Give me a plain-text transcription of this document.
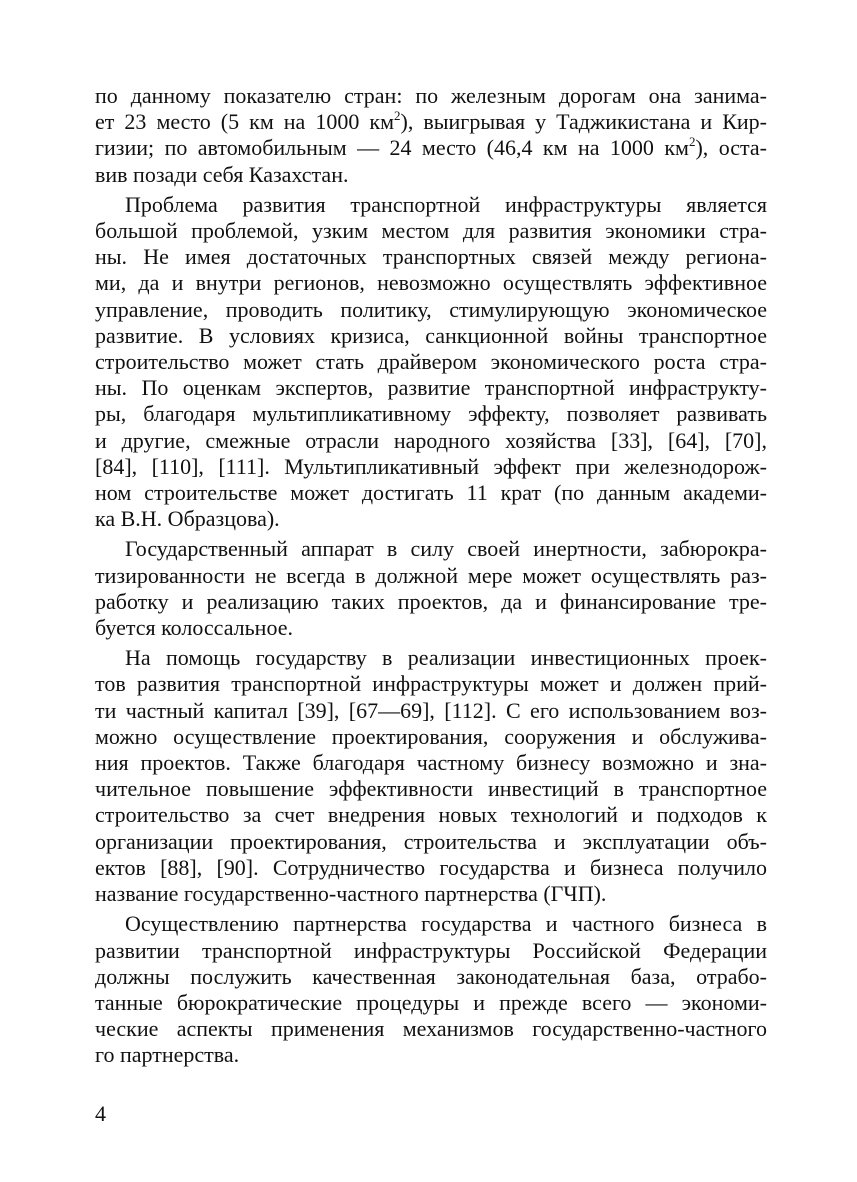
по данному показателю стран: по железным дорогам она занима-
ет 23 место (5 км на 1000 $км^2$), выигрывая у Таджикистана и Кир-
гизии; по автомобильным — 24 место (46,4 км на 1000 $км^2$), оста-
вив позади себя Казахстан.
Проблема развития транспортной инфраструктуры является
большой проблемой, узким местом для развития экономики стра-
ны. Не имея достаточных транспортных связей между региона-
ми, да и внутри регионов, невозможно осуществлять эффективное
управление, проводить политику, стимулирующую экономическое
развитие. В условиях кризиса, санкционной войны транспортное
строительство может стать драйвером экономического роста стра-
ны. По оценкам экспертов, развитие транспортной инфраструкту-
ры, благодаря мультипликативному эффекту, позволяет развивать
и другие, смежные отрасли народного хозяйства [33], [64], [70],
[84], [110], [111]. Мультипликативный эффект при железнодорож-
ном строительстве может достигать 11 крат (по данным академи-
ка В.Н. Образцова).
Государственный аппарат в силу своей инертности, забюрокра-
тизированности не всегда в должной мере может осуществлять раз-
работку и реализацию таких проектов, да и финансирование тре-
буется колоссальное.
На помощь государству в реализации инвестиционных проек-
тов развития транспортной инфраструктуры может и должен прий-
ти частный капитал [39], [67—69], [112]. С его использованием воз-
можно осуществление проектирования, сооружения и обслужива-
ния проектов. Также благодаря частному бизнесу возможно и зна-
чительное повышение эффективности инвестиций в транспортное
строительство за счет внедрения новых технологий и подходов к
организации проектирования, строительства и эксплуатации объ-
ектов [88], [90]. Сотрудничество государства и бизнеса получило
название государственно-частного партнерства (ГЧП).
Осуществлению партнерства государства и частного бизнеса в
развитии транспортной инфраструктуры Российской Федерации
должны послужить качественная законодательная база, отрабо-
танные бюрократические процедуры и прежде всего — экономи-
ческие аспекты применения механизмов государственно-частного
го партнерства.
4
